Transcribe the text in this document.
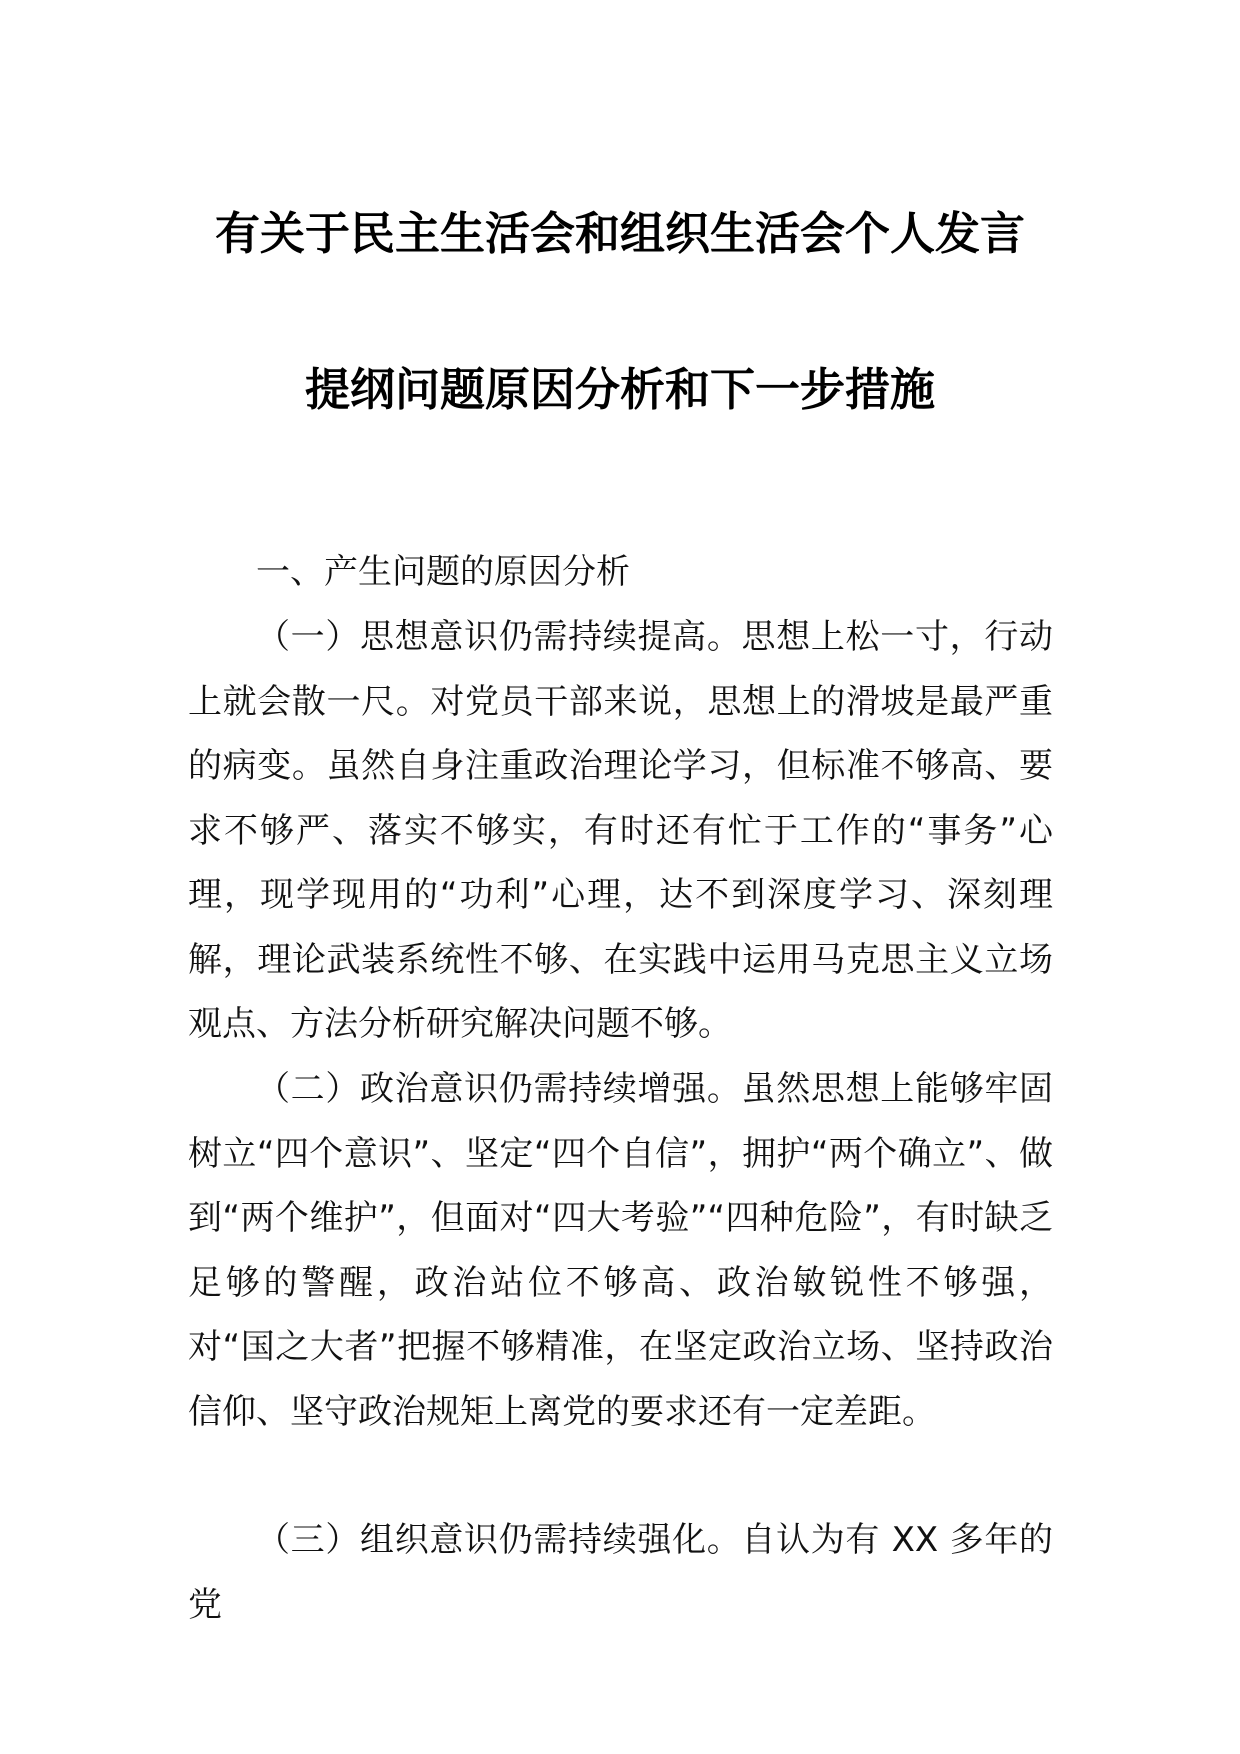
有关于民主生活会和组织生活会个人发言
提纲问题原因分析和下一步措施

一、产生问题的原因分析

（一）思想意识仍需持续提高。思想上松一寸，行动上就会散一尺。对党员干部来说，思想上的滑坡是最严重的病变。虽然自身注重政治理论学习，但标准不够高、要求不够严、落实不够实，有时还有忙于工作的“事务”心理，现学现用的“功利”心理，达不到深度学习、深刻理解，理论武装系统性不够、在实践中运用马克思主义立场观点、方法分析研究解决问题不够。

（二）政治意识仍需持续增强。虽然思想上能够牢固树立“四个意识”、坚定“四个自信”，拥护“两个确立”、做到“两个维护”，但面对“四大考验”“四种危险”，有时缺乏足够的警醒，政治站位不够高、政治敏锐性不够强，对“国之大者”把握不够精准，在坚定政治立场、坚持政治信仰、坚守政治规矩上离党的要求还有一定差距。

（三）组织意识仍需持续强化。自认为有 XX 多年的党
